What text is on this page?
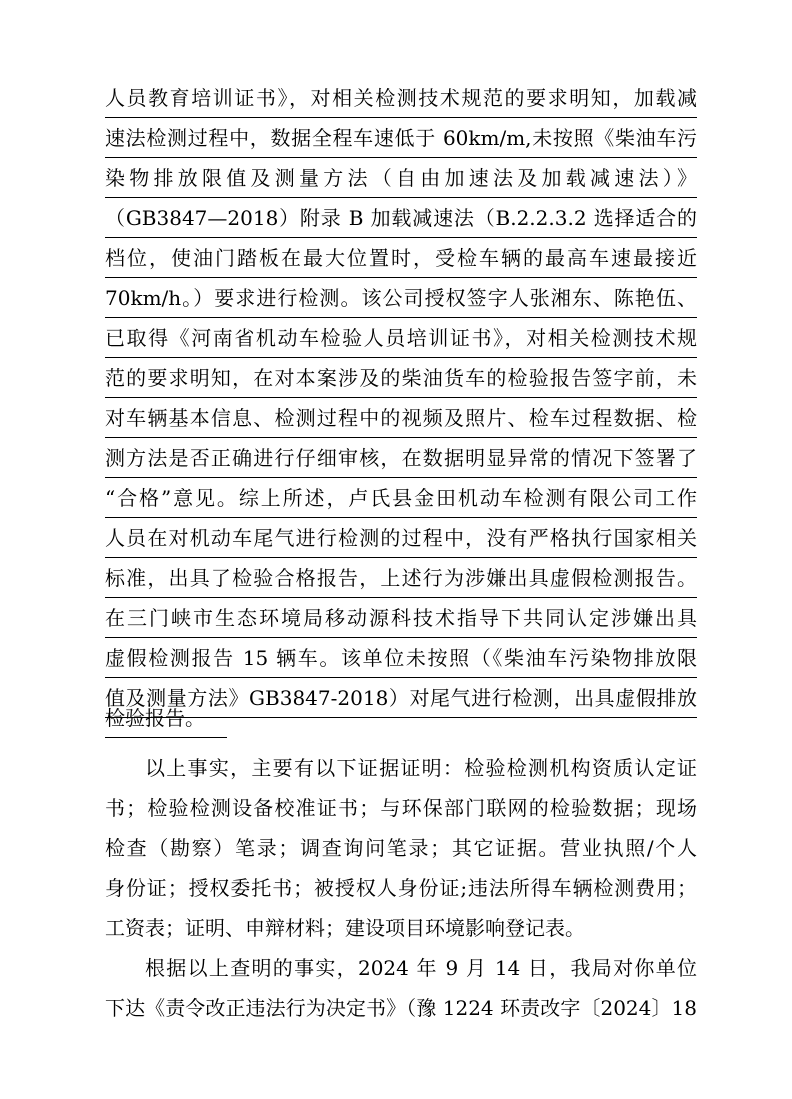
人员教育培训证书》，对相关检测技术规范的要求明知，加载减
速法检测过程中，数据全程车速低于 60km/m,未按照《柴油车污
染物排放限值及测量方法（自由加速法及加载减速法）》
（GB3847—2018）附录 B 加载减速法（B.2.2.3.2 选择适合的
档位，使油门踏板在最大位置时，受检车辆的最高车速最接近
70km/h。）要求进行检测。该公司授权签字人张湘东、陈艳伍、
已取得《河南省机动车检验人员培训证书》，对相关检测技术规
范的要求明知，在对本案涉及的柴油货车的检验报告签字前，未
对车辆基本信息、检测过程中的视频及照片、检车过程数据、检
测方法是否正确进行仔细审核，在数据明显异常的情况下签署了
“合格”意见。综上所述，卢氏县金田机动车检测有限公司工作
人员在对机动车尾气进行检测的过程中，没有严格执行国家相关
标准，出具了检验合格报告，上述行为涉嫌出具虚假检测报告。
在三门峡市生态环境局移动源科技术指导下共同认定涉嫌出具
虚假检测报告 15 辆车。该单位未按照（《柴油车污染物排放限
值及测量方法》GB3847-2018）对尾气进行检测，出具虚假排放
检验报告。
以上事实，主要有以下证据证明：检验检测机构资质认定证
书；检验检测设备校准证书；与环保部门联网的检验数据；现场
检查（勘察）笔录；调查询问笔录；其它证据。营业执照/个人
身份证；授权委托书；被授权人身份证;违法所得车辆检测费用；
工资表；证明、申辩材料；建设项目环境影响登记表。
根据以上查明的事实，2024 年 9 月 14 日，我局对你单位
下达《责令改正违法行为决定书》（豫 1224 环责改字〔2024〕18
